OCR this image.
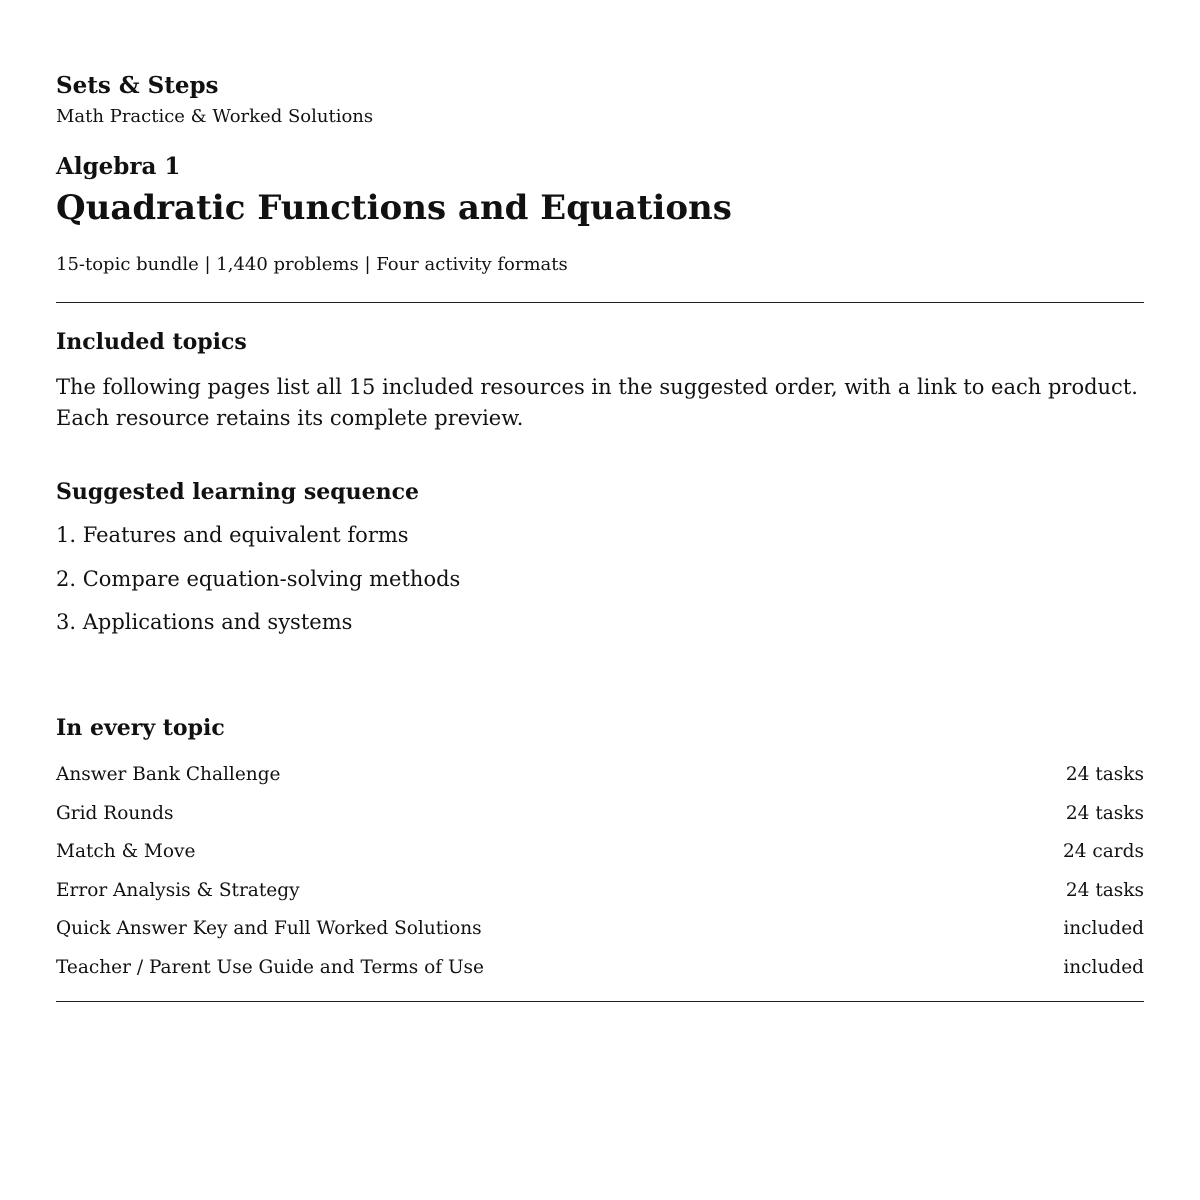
Sets & Steps
Math Practice & Worked Solutions
Algebra 1
Quadratic Functions and Equations
15-topic bundle | 1,440 problems | Four activity formats
Included topics

The following pages list all 15 included resources in the suggested order, with a link to each product. Each resource retains its complete preview.

Suggested learning sequence
1. Features and equivalent forms
2. Compare equation-solving methods
3. Applications and systems
In every topic
Answer Bank Challenge	24 tasks
Grid Rounds	24 tasks
Match & Move	24 cards
Error Analysis & Strategy	24 tasks
Quick Answer Key and Full Worked Solutions	included
Teacher / Parent Use Guide and Terms of Use	included
